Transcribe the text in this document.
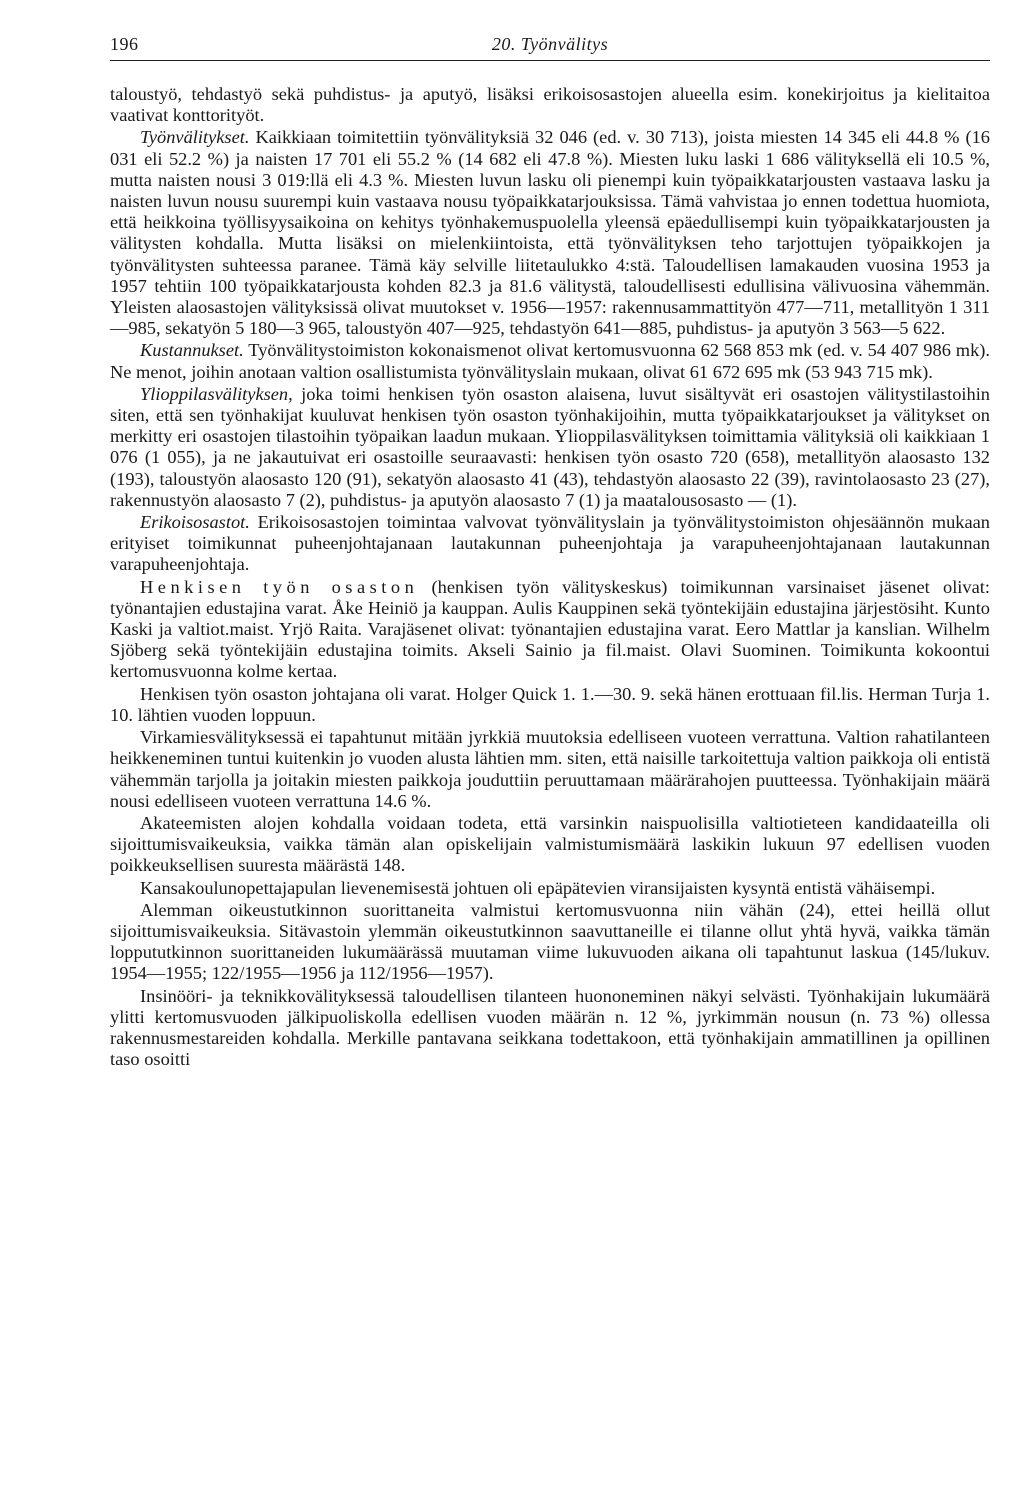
196	20. Työnvälitys

taloustyö, tehdastyö sekä puhdistus- ja aputyö, lisäksi erikoisosastojen alueella esim. konekirjoitus ja kielitaitoa vaativat konttorityöt.

Työnvälitykset. Kaikkiaan toimitettiin työnvälityksiä 32 046 (ed. v. 30 713), joista miesten 14 345 eli 44.8 % (16 031 eli 52.2 %) ja naisten 17 701 eli 55.2 % (14 682 eli 47.8 %). Miesten luku laski 1 686 välityksellä eli 10.5 %, mutta naisten nousi 3 019:llä eli 4.3 %. Miesten luvun lasku oli pienempi kuin työpaikkatarjousten vastaava lasku ja naisten luvun nousu suurempi kuin vastaava nousu työpaikkatarjouksissa. Tämä vahvistaa jo ennen todettua huomiota, että heikkoina työllisyysaikoina on kehitys työnhakemuspuolella yleensä epäedullisempi kuin työpaikkatarjousten ja välitysten kohdalla. Mutta lisäksi on mielenkiintoista, että työnvälityksen teho tarjottujen työpaikkojen ja työnvälitysten suhteessa paranee. Tämä käy selville liitetaulukko 4:stä. Taloudellisen lamakauden vuosina 1953 ja 1957 tehtiin 100 työpaikkatarjousta kohden 82.3 ja 81.6 välitystä, taloudellisesti edullisina välivuosina vähemmän. Yleisten alaosastojen välityksissä olivat muutokset v. 1956—1957: rakennusammattityön 477—711, metallityön 1 311—985, sekatyön 5 180—3 965, taloustyön 407—925, tehdastyön 641—885, puhdistus- ja aputyön 3 563—5 622.

Kustannukset. Työnvälitystoimiston kokonaismenot olivat kertomusvuonna 62 568 853 mk (ed. v. 54 407 986 mk). Ne menot, joihin anotaan valtion osallistumista työnvälityslain mukaan, olivat 61 672 695 mk (53 943 715 mk).

Ylioppilasvälityksen, joka toimi henkisen työn osaston alaisena, luvut sisältyvät eri osastojen välitystilastoihin siten, että sen työnhakijat kuuluvat henkisen työn osaston työnhakijoihin, mutta työpaikkatarjoukset ja välitykset on merkitty eri osastojen tilastoihin työpaikan laadun mukaan. Ylioppilasvälityksen toimittamia välityksiä oli kaikkiaan 1 076 (1 055), ja ne jakautuivat eri osastoille seuraavasti: henkisen työn osasto 720 (658), metallityön alaosasto 132 (193), taloustyön alaosasto 120 (91), sekatyön alaosasto 41 (43), tehdastyön alaosasto 22 (39), ravintolaosasto 23 (27), rakennustyön alaosasto 7 (2), puhdistus- ja aputyön alaosasto 7 (1) ja maatalousosasto — (1).

Erikoisosastot. Erikoisosastojen toimintaa valvovat työnvälityslain ja työnvälitystoimiston ohjesäännön mukaan erityiset toimikunnat puheenjohtajanaan lautakunnan puheenjohtaja ja varapuheenjohtajanaan lautakunnan varapuheenjohtaja.

Henkisen työn osaston (henkisen työn välityskeskus) toimikunnan varsinaiset jäsenet olivat: työnantajien edustajina varat. Åke Heiniö ja kauppan. Aulis Kauppinen sekä työntekijäin edustajina järjestösiht. Kunto Kaski ja valtiot.maist. Yrjö Raita. Varajäsenet olivat: työnantajien edustajina varat. Eero Mattlar ja kanslian. Wilhelm Sjöberg sekä työntekijäin edustajina toimits. Akseli Sainio ja fil.maist. Olavi Suominen. Toimikunta kokoontui kertomusvuonna kolme kertaa.

Henkisen työn osaston johtajana oli varat. Holger Quick 1. 1.—30. 9. sekä hänen erottuaan fil.lis. Herman Turja 1. 10. lähtien vuoden loppuun.

Virkamiesvälityksessä ei tapahtunut mitään jyrkkiä muutoksia edelliseen vuoteen verrattuna. Valtion rahatilanteen heikkeneminen tuntui kuitenkin jo vuoden alusta lähtien mm. siten, että naisille tarkoitettuja valtion paikkoja oli entistä vähemmän tarjolla ja joitakin miesten paikkoja jouduttiin peruuttamaan määrärahojen puutteessa. Työnhakijain määrä nousi edelliseen vuoteen verrattuna 14.6 %.

Akateemisten alojen kohdalla voidaan todeta, että varsinkin naispuolisilla valtiotieteen kandidaateilla oli sijoittumisvaikeuksia, vaikka tämän alan opiskelijain valmistumismäärä laskikin lukuun 97 edellisen vuoden poikkeuksellisen suuresta määrästä 148.

Kansakoulunopettajapulan lievenemisestä johtuen oli epäpätevien viransijaisten kysyntä entistä vähäisempi.

Alemman oikeustutkinnon suorittaneita valmistui kertomusvuonna niin vähän (24), ettei heillä ollut sijoittumisvaikeuksia. Sitävastoin ylemmän oikeustutkinnon saavuttaneille ei tilanne ollut yhtä hyvä, vaikka tämän loppututkinnon suorittaneiden lukumäärässä muutaman viime lukuvuoden aikana oli tapahtunut laskua (145/lukuv. 1954—1955; 122/1955—1956 ja 112/1956—1957).

Insinööri- ja teknikkovälityksessä taloudellisen tilanteen huononeminen näkyi selvästi. Työnhakijain lukumäärä ylitti kertomusvuoden jälkipuoliskolla edellisen vuoden määrän n. 12 %, jyrkimmän nousun (n. 73 %) ollessa rakennusmestareiden kohdalla. Merkille pantavana seikkana todettakoon, että työnhakijain ammatillinen ja opillinen taso osoitti
